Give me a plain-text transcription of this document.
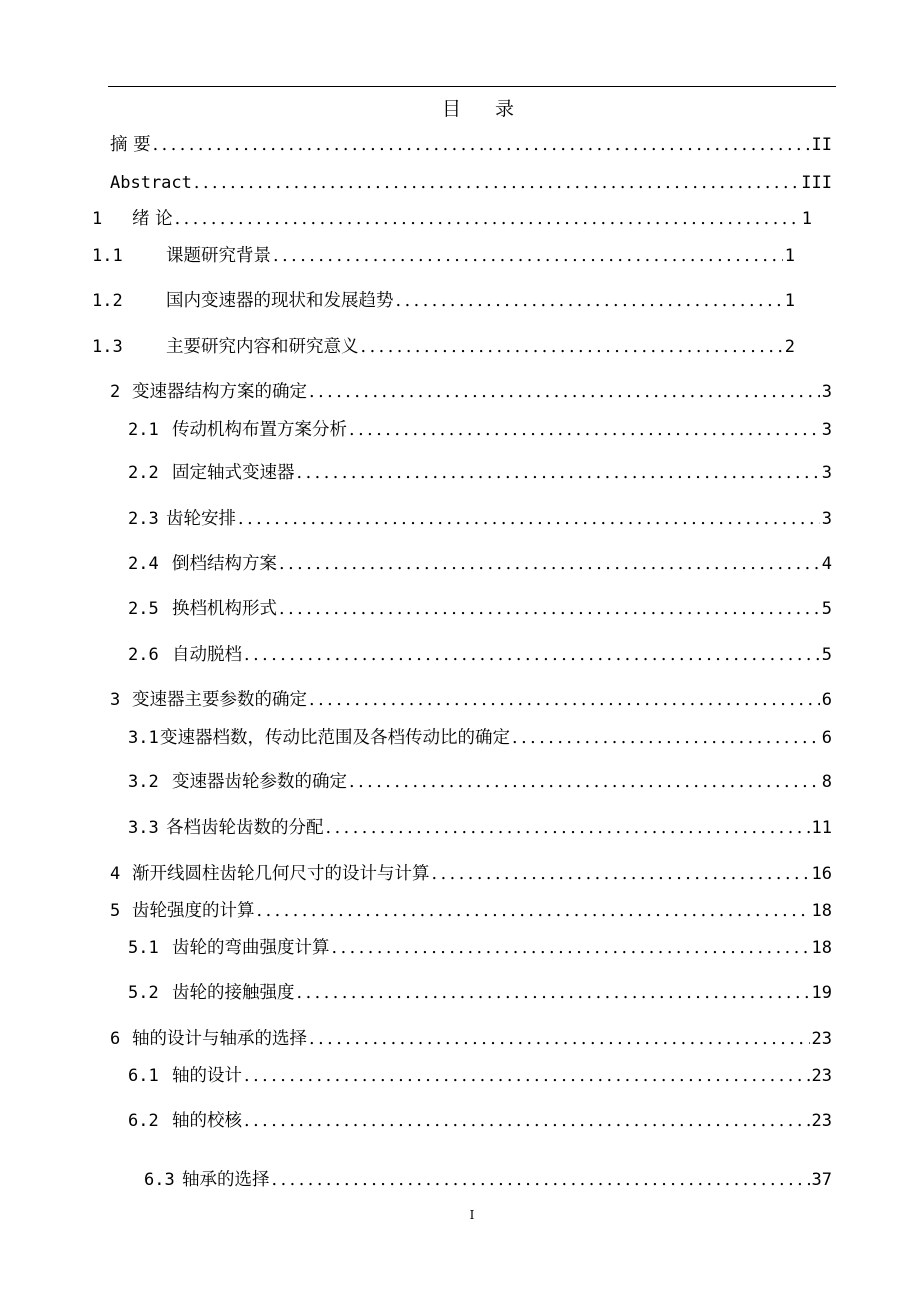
目 录
摘 要 .....	II
Abstract .....	III
1	绪 论 .....	1
1.1	课题研究背景 .....	1
1.2	国内变速器的现状和发展趋势 .....	1
1.3	主要研究内容和研究意义 .....	2
2 变速器结构方案的确定 .....	3
2.1 传动机构布置方案分析 .....	3
2.2 固定轴式变速器 .....	3
2.3 齿轮安排 .....	3
2.4 倒档结构方案 .....	4
2.5 换档机构形式 .....	5
2.6 自动脱档 .....	5
3 变速器主要参数的确定 .....	6
3.1 变速器档数，传动比范围及各档传动比的确定 .....	6
3.2 变速器齿轮参数的确定 .....	8
3.3 各档齿轮齿数的分配 .....	11
4 渐开线圆柱齿轮几何尺寸的设计与计算 .....	16
5 齿轮强度的计算 .....	18
5.1 齿轮的弯曲强度计算 .....	18
5.2 齿轮的接触强度 .....	19
6 轴的设计与轴承的选择 .....	23
6.1 轴的设计 .....	23
6.2 轴的校核 .....	23
6.3 轴承的选择 .....	37
I
